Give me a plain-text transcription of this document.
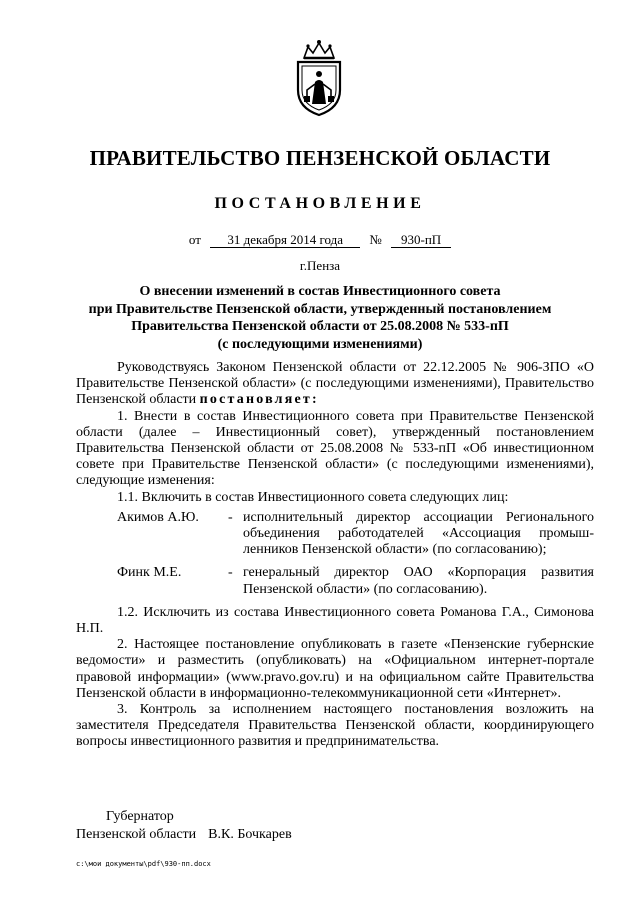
ПРАВИТЕЛЬСТВО ПЕНЗЕНСКОЙ ОБЛАСТИ
ПОСТАНОВЛЕНИЕ
от 31 декабря 2014 года № 930-пП
г.Пенза
О внесении изменений в состав Инвестиционного совета
при Правительстве Пензенской области, утвержденный постановлением
Правительства Пензенской области от 25.08.2008 № 533-пП
(с последующими изменениями)

Руководствуясь Законом Пензенской области от 22.12.2005 № 906-ЗПО «О Правительстве Пензенской области» (с последующими изменениями), Правительство Пензенской области постановляет:

1. Внести в состав Инвестиционного совета при Правительстве Пензенской области (далее – Инвестиционный совет), утвержденный постановлением Правительства Пензенской области от 25.08.2008 № 533-пП «Об инвестиционном совете при Правительстве Пензенской области» (с последующими изменениями), следующие изменения:

1.1. Включить в состав Инвестиционного совета следующих лиц:

Акимов А.Ю.	- исполнительный директор ассоциации Регионального объединения работодателей «Ассоциация промыш-ленников Пензенской области» (по согласованию);
Финк М.Е.	- генеральный директор ОАО «Корпорация развития Пензенской области» (по согласованию).

1.2. Исключить из состава Инвестиционного совета Романова Г.А., Симонова Н.П.

2. Настоящее постановление опубликовать в газете «Пензенские губернские ведомости» и разместить (опубликовать) на «Официальном интернет-портале правовой информации» (www.pravo.gov.ru) и на официальном сайте Правительства Пензенской области в информационно-телекоммуникационной сети «Интернет».

3. Контроль за исполнением настоящего постановления возложить на заместителя Председателя Правительства Пензенской области, координирующего вопросы инвестиционного развития и предпринимательства.

Губернатор
Пензенской области В.К. Бочкарев
c:\мои документы\pdf\930-пп.docx
